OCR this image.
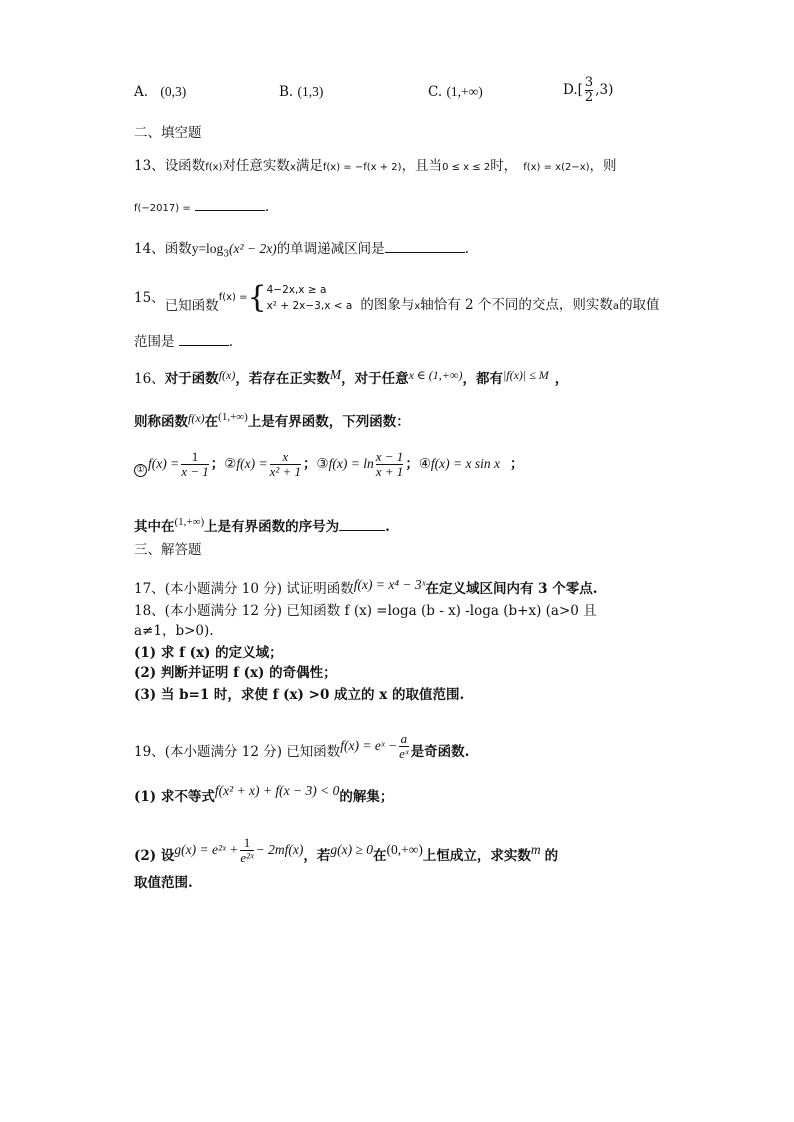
A. (0,3)	B. (1,3)	C. (1,+∞)	$D.[ \frac{3}{2} ,3)$
二、填空题
13、设函数f(x)对任意实数x满足f(x) = −f(x + 2)，且当0 ≤ x ≤ 2时， f(x) = x(2−x)，则
f(−2017) =	.
14、函数$y=\log_3(x^2 - 2x)$的单调递减区间是	.
15、已知函数f(x) ={ 4−2x,x ≥ a
x² + 2x−3,x < a 的图象与x轴恰有 2 个不同的交点，则实数a的取值
范围是	.
16、对于函数f(x)，若存在正实数M，对于任意x ∈ (1,+∞)，都有|f(x)| ≤ M ，
则称函数f(x)在$^{(1,+\infty)}$上是有界函数，下列函数：
① $f(x) = \frac{1}{x - 1}$ ；②f(x) = $\frac{x}{\text{x² + 1}}$ ；③f(x) = $\ln \frac{x - 1}{x + 1}$ ；④f(x) = x sin x ；
其中在$^{(1,+\infty)}$上是有界函数的序号为	.
三、解答题
17、(本小题满分 10 分) 试证明函数f(x) = x⁴ − 3ˣ在定义域区间内有 3 个零点.
18、(本小题满分 12 分) 已知函数 f (x) =loga (b - x) -loga (b+x) (a>0 且
a≠1，b>0).
(1) 求 f (x) 的定义域；
(2) 判断并证明 f (x) 的奇偶性；
(3) 当 b=1 时，求使 f (x) >0 成立的 x 的取值范围.
19、(本小题满分 12 分) 已知函数f(x) = eˣ − $\frac{a}{\text{eˣ}}$ 是奇函数.
(1) 求不等式f(x² + x) + f(x − 3) < 0的解集；
(2) 设g(x) = e²ˣ + $\frac{1}{\text{e²ˣ}} - 2mf(x)$，若g(x) ≥ 0在(0,+∞)上恒成立，求实数m 的
取值范围.
